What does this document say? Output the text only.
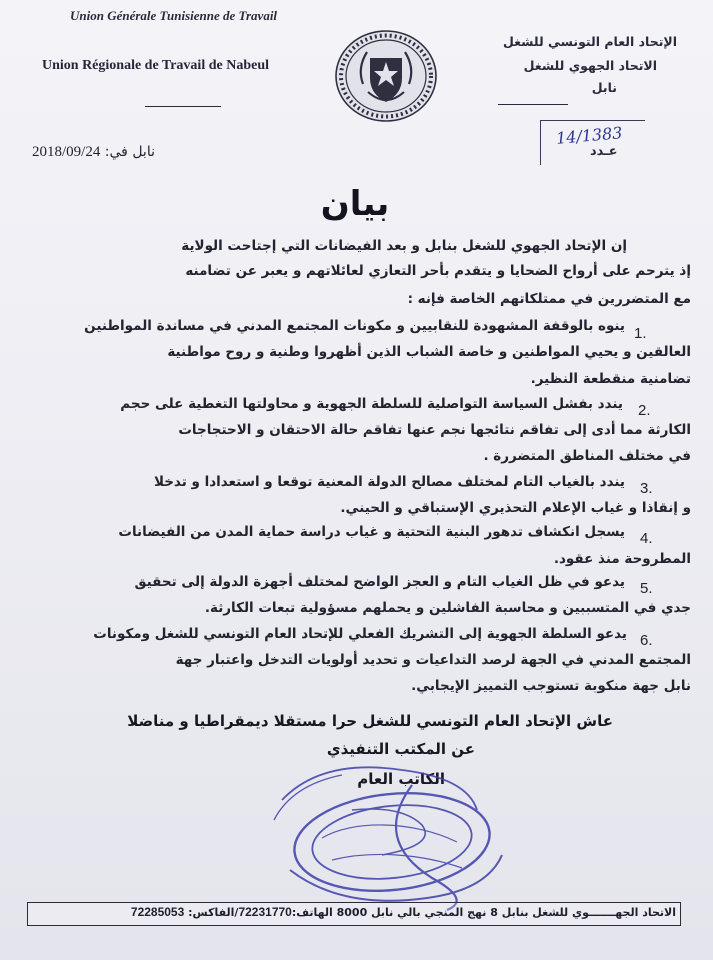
Union Générale Tunisienne de Travail
Union Régionale de Travail de Nabeul
الإتحاد العام التونسي للشغل
الاتحاد الجهوي للشغل
نابل
14/1383
عـدد
نابل في: 2018/09/24
بيان
إن الإتحاد الجهوي للشغل بنابل و بعد الفيضانات التي إجتاحت الولاية
إذ يترحم على أرواح الضحايا و يتقدم بأحر التعازي لعائلاتهم و يعبر عن تضامنه
مع المتضررين في ممتلكاتهم الخاصة فإنه :
1.
ينوه بالوقفة المشهودة للنقابيين و مكونات المجتمع المدني في مساندة المواطنين
العالقين و يحيي المواطنين و خاصة الشباب الذين أظهروا وطنية و روح مواطنية
تضامنية منقطعة النظير.
2.
يندد بفشل السياسة التواصلية للسلطة الجهوية و محاولتها التغطية على حجم
الكارثة مما أدى إلى تفاقم نتائجها نجم عنها تفاقم حالة الاحتقان و الاحتجاجات
في مختلف المناطق المتضررة .
3.
يندد بالغياب التام لمختلف مصالح الدولة المعنية توقعا و استعدادا و تدخلا
و إنقاذا و غياب الإعلام التحذيري الإستباقي و الحيني.
4.
يسجل انكشاف تدهور البنية التحتية و غياب دراسة حماية المدن من الفيضانات
المطروحة منذ عقود.
5.
يدعو في ظل الغياب التام و العجز الواضح لمختلف أجهزة الدولة إلى تحقيق
جدي في المتسببين و محاسبة الفاشلين و يحملهم مسؤولية تبعات الكارثة.
6.
يدعو السلطة الجهوية إلى التشريك الفعلي للإتحاد العام التونسي للشغل ومكونات
المجتمع المدني في الجهة لرصد التداعيات و تحديد أولويات التدخل واعتبار جهة
نابل جهة منكوبة تستوجب التمييز الإيجابي.
عاش الإتحاد العام التونسي للشغل حرا مستقلا ديمقراطيا و مناضلا
عن المكتب التنفيذي
الكاتب العام
الاتحاد الجهـــــــوي للشغل بنابل 8 نهج المنجي بالي نابل 8000 الهاتف:72231770/الفاكس: 72285053
